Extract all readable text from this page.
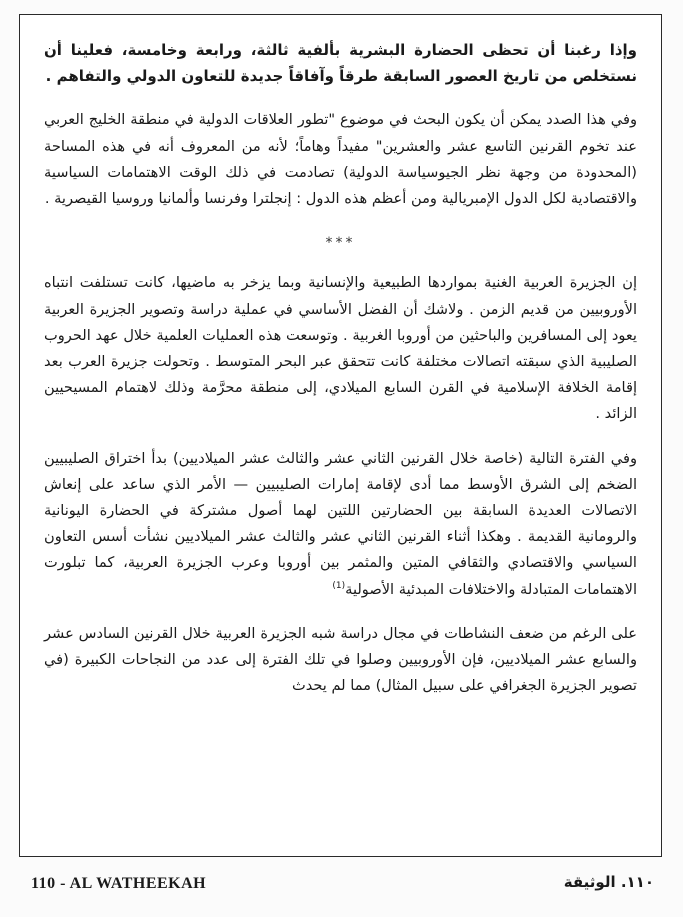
وإذا رغبنا أن تحظى الحضارة البشرية بألفية ثالثة، ورابعة وخامسة، فعلينا أن نستخلص من تاريخ العصور السابقة طرقاً وآفاقاً جديدة للتعاون الدولي والتفاهم .

وفي هذا الصدد يمكن أن يكون البحث في موضوع "تطور العلاقات الدولية في منطقة الخليج العربي عند تخوم القرنين التاسع عشر والعشرين" مفيداً وهاماً؛ لأنه من المعروف أنه في هذه المساحة (المحدودة من وجهة نظر الجيوسياسة الدولية) تصادمت في ذلك الوقت الاهتمامات السياسية والاقتصادية لكل الدول الإمبريالية ومن أعظم هذه الدول : إنجلترا وفرنسا وألمانيا وروسيا القيصرية .

***

إن الجزيرة العربية الغنية بمواردها الطبيعية والإنسانية وبما يزخر به ماضيها، كانت تستلفت انتباه الأوروبيين من قديم الزمن . ولاشك أن الفضل الأساسي في عملية دراسة وتصوير الجزيرة العربية يعود إلى المسافرين والباحثين من أوروبا الغربية . وتوسعت هذه العمليات العلمية خلال عهد الحروب الصليبية الذي سبقته اتصالات مختلفة كانت تتحقق عبر البحر المتوسط . وتحولت جزيرة العرب بعد إقامة الخلافة الإسلامية في القرن السابع الميلادي، إلى منطقة محرَّمة وذلك لاهتمام المسيحيين الزائد .

وفي الفترة التالية (خاصة خلال القرنين الثاني عشر والثالث عشر الميلاديين) بدأ اختراق الصليبيين الضخم إلى الشرق الأوسط مما أدى لإقامة إمارات الصليبيين — الأمر الذي ساعد على إنعاش الاتصالات العديدة السابقة بين الحضارتين اللتين لهما أصول مشتركة في الحضارة اليونانية والرومانية القديمة . وهكذا أثناء القرنين الثاني عشر والثالث عشر الميلاديين نشأت أسس التعاون السياسي والاقتصادي والثقافي المتين والمثمر بين أوروبا وعرب الجزيرة العربية، كما تبلورت الاهتمامات المتبادلة والاختلافات المبدئية الأصولية$^{(1)}$

على الرغم من ضعف النشاطات في مجال دراسة شبه الجزيرة العربية خلال القرنين السادس عشر والسابع عشر الميلاديين، فإن الأوروبيين وصلوا في تلك الفترة إلى عدد من النجاحات الكبيرة (في تصوير الجزيرة الجغرافي على سبيل المثال) مما لم يحدث

110 - AL WATHEEKAH	١١٠. الوثيقة
